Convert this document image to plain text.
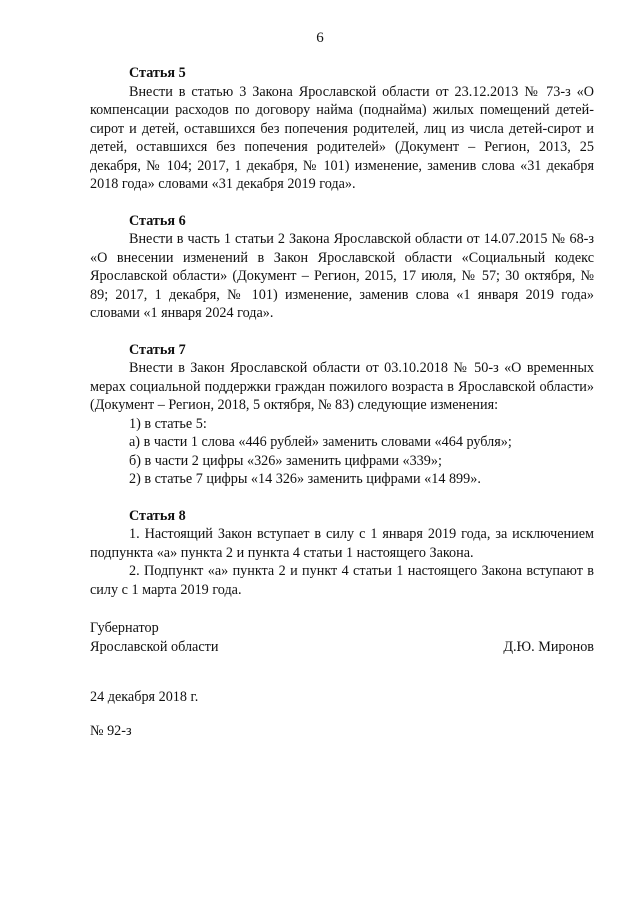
6

Статья 5

Внести в статью 3 Закона Ярославской области от 23.12.2013 № 73-з «О компенсации расходов по договору найма (поднайма) жилых помещений детей-сирот и детей, оставшихся без попечения родителей, лиц из числа детей-сирот и детей, оставшихся без попечения родителей» (Документ – Регион, 2013, 25 декабря, № 104; 2017, 1 декабря, № 101) изменение, заменив слова «31 декабря 2018 года» словами «31 декабря 2019 года».

Статья 6

Внести в часть 1 статьи 2 Закона Ярославской области от 14.07.2015 № 68-з «О внесении изменений в Закон Ярославской области «Социальный кодекс Ярославской области» (Документ – Регион, 2015, 17 июля, № 57; 30 октября, № 89; 2017, 1 декабря, № 101) изменение, заменив слова «1 января 2019 года» словами «1 января 2024 года».

Статья 7

Внести в Закон Ярославской области от 03.10.2018 № 50-з «О временных мерах социальной поддержки граждан пожилого возраста в Ярославской области» (Документ – Регион, 2018, 5 октября, № 83) следующие изменения:

1) в статье 5:

а) в части 1 слова «446 рублей» заменить словами «464 рубля»;

б) в части 2 цифры «326» заменить цифрами «339»;

2) в статье 7 цифры «14 326» заменить цифрами «14 899».

Статья 8

1. Настоящий Закон вступает в силу с 1 января 2019 года, за исключением подпункта «а» пункта 2 и пункта 4 статьи 1 настоящего Закона.

2. Подпункт «а» пункта 2 и пункт 4 статьи 1 настоящего Закона вступают в силу с 1 марта 2019 года.

Губернатор
Ярославской области	Д.Ю. Миронов
24 декабря 2018 г.
№ 92-з
